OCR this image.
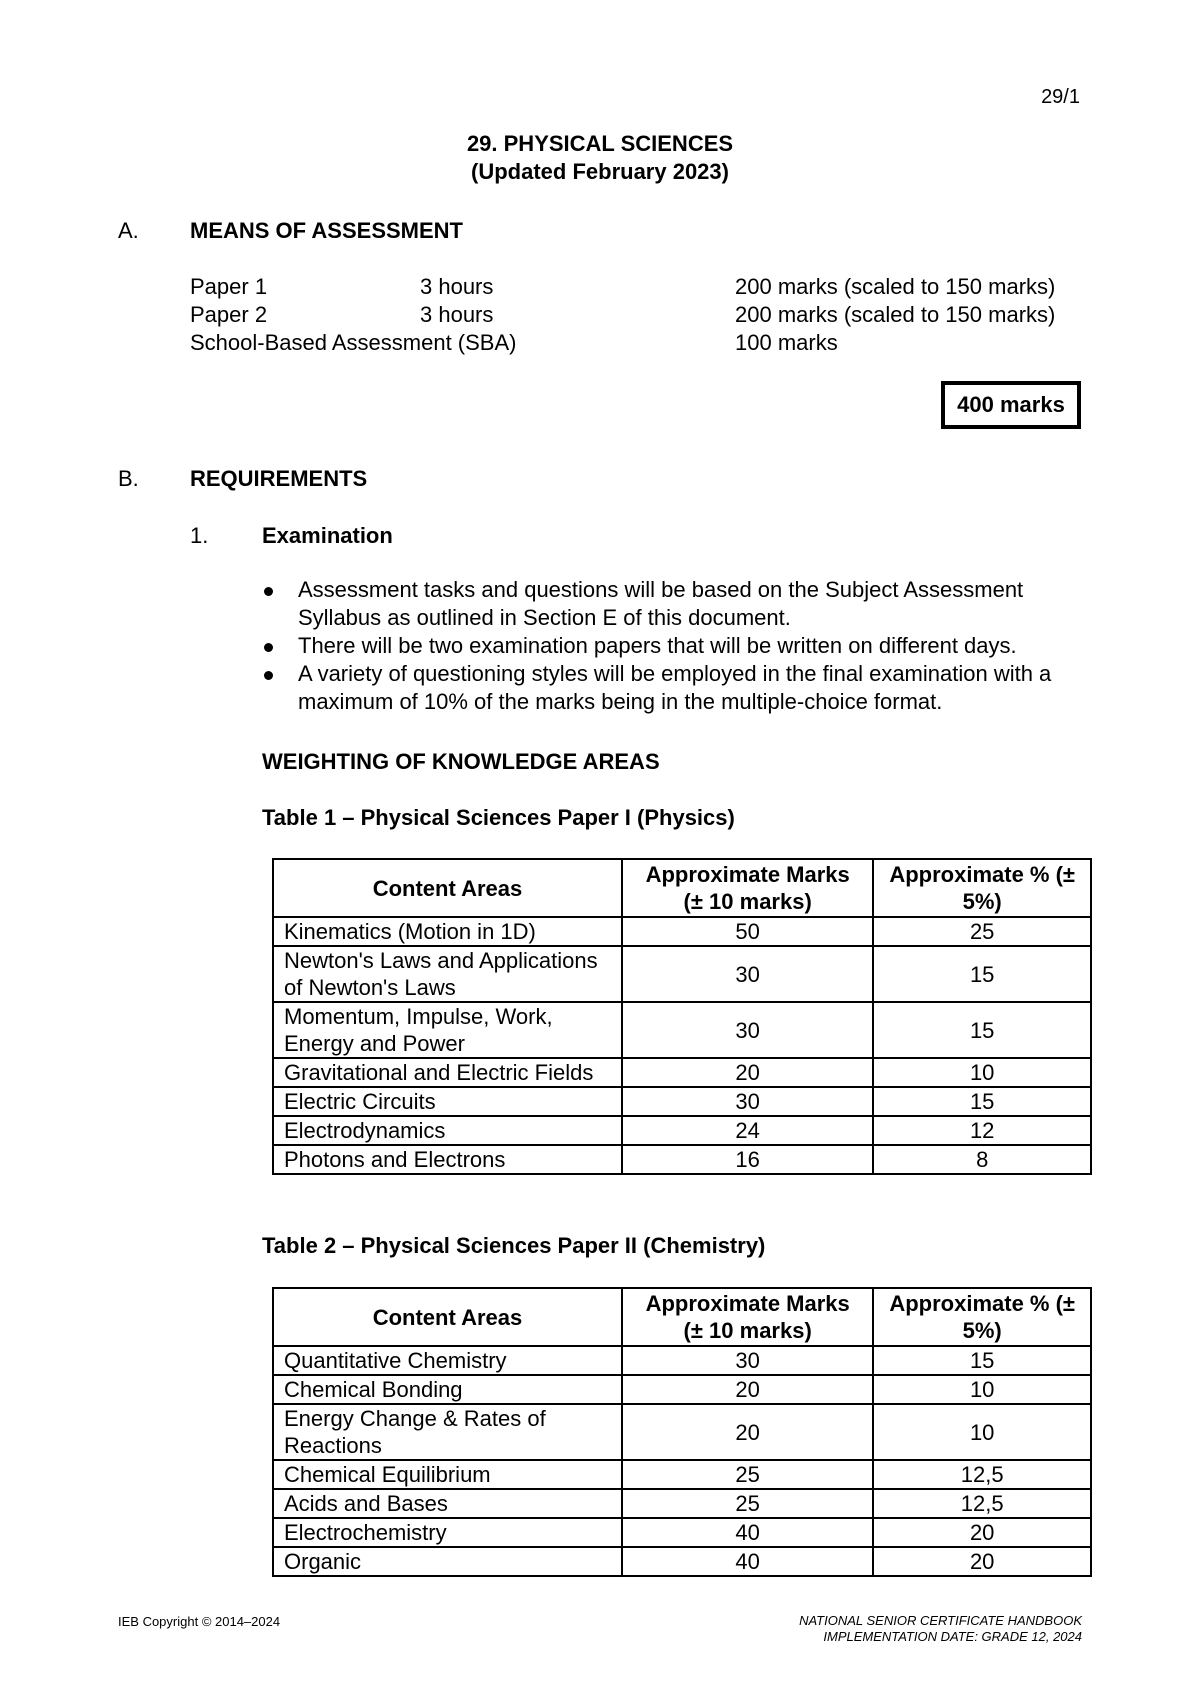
29/1
29. PHYSICAL SCIENCES
(Updated February 2023)
A. MEANS OF ASSESSMENT
Paper 1	3 hours	200 marks (scaled to 150 marks)
Paper 2	3 hours	200 marks (scaled to 150 marks)
School-Based Assessment (SBA)	100 marks
400 marks
B. REQUIREMENTS
1. Examination
Assessment tasks and questions will be based on the Subject Assessment Syllabus as outlined in Section E of this document.
There will be two examination papers that will be written on different days.
A variety of questioning styles will be employed in the final examination with a maximum of 10% of the marks being in the multiple-choice format.
WEIGHTING OF KNOWLEDGE AREAS
Table 1 – Physical Sciences Paper I (Physics)
Content Areas	Approximate Marks (± 10 marks)	Approximate % (± 5%)
Kinematics (Motion in 1D)	50	25
Newton's Laws and Applications of Newton's Laws	30	15
Momentum, Impulse, Work, Energy and Power	30	15
Gravitational and Electric Fields	20	10
Electric Circuits	30	15
Electrodynamics	24	12
Photons and Electrons	16	8
Table 2 – Physical Sciences Paper II (Chemistry)
Content Areas	Approximate Marks (± 10 marks)	Approximate % (± 5%)
Quantitative Chemistry	30	15
Chemical Bonding	20	10
Energy Change & Rates of Reactions	20	10
Chemical Equilibrium	25	12,5
Acids and Bases	25	12,5
Electrochemistry	40	20
Organic	40	20
IEB Copyright © 2014–2024	NATIONAL SENIOR CERTIFICATE HANDBOOK
IMPLEMENTATION DATE: GRADE 12, 2024
